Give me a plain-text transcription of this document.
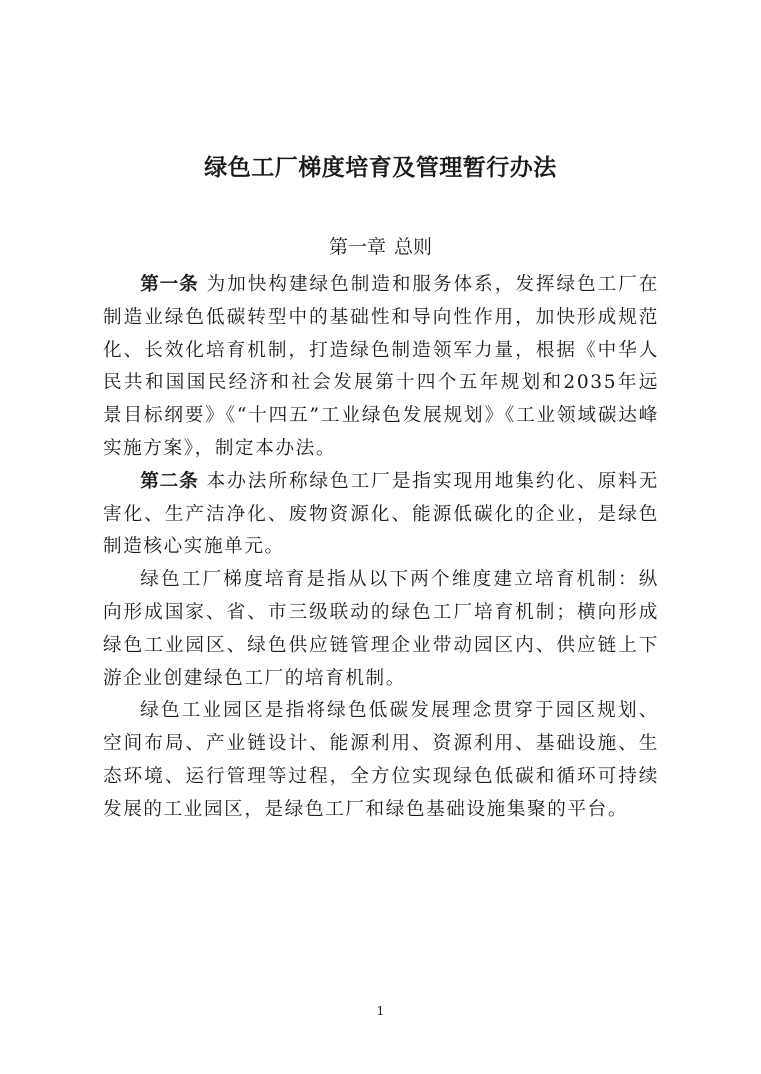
绿色工厂梯度培育及管理暂行办法
第一章 总则

第一条 为加快构建绿色制造和服务体系，发挥绿色工厂在制造业绿色低碳转型中的基础性和导向性作用，加快形成规范化、长效化培育机制，打造绿色制造领军力量，根据《中华人民共和国国民经济和社会发展第十四个五年规划和2035年远景目标纲要》《“十四五”工业绿色发展规划》《工业领域碳达峰实施方案》，制定本办法。

第二条 本办法所称绿色工厂是指实现用地集约化、原料无害化、生产洁净化、废物资源化、能源低碳化的企业，是绿色制造核心实施单元。

绿色工厂梯度培育是指从以下两个维度建立培育机制：纵向形成国家、省、市三级联动的绿色工厂培育机制；横向形成绿色工业园区、绿色供应链管理企业带动园区内、供应链上下游企业创建绿色工厂的培育机制。

绿色工业园区是指将绿色低碳发展理念贯穿于园区规划、空间布局、产业链设计、能源利用、资源利用、基础设施、生态环境、运行管理等过程，全方位实现绿色低碳和循环可持续发展的工业园区，是绿色工厂和绿色基础设施集聚的平台。

1
